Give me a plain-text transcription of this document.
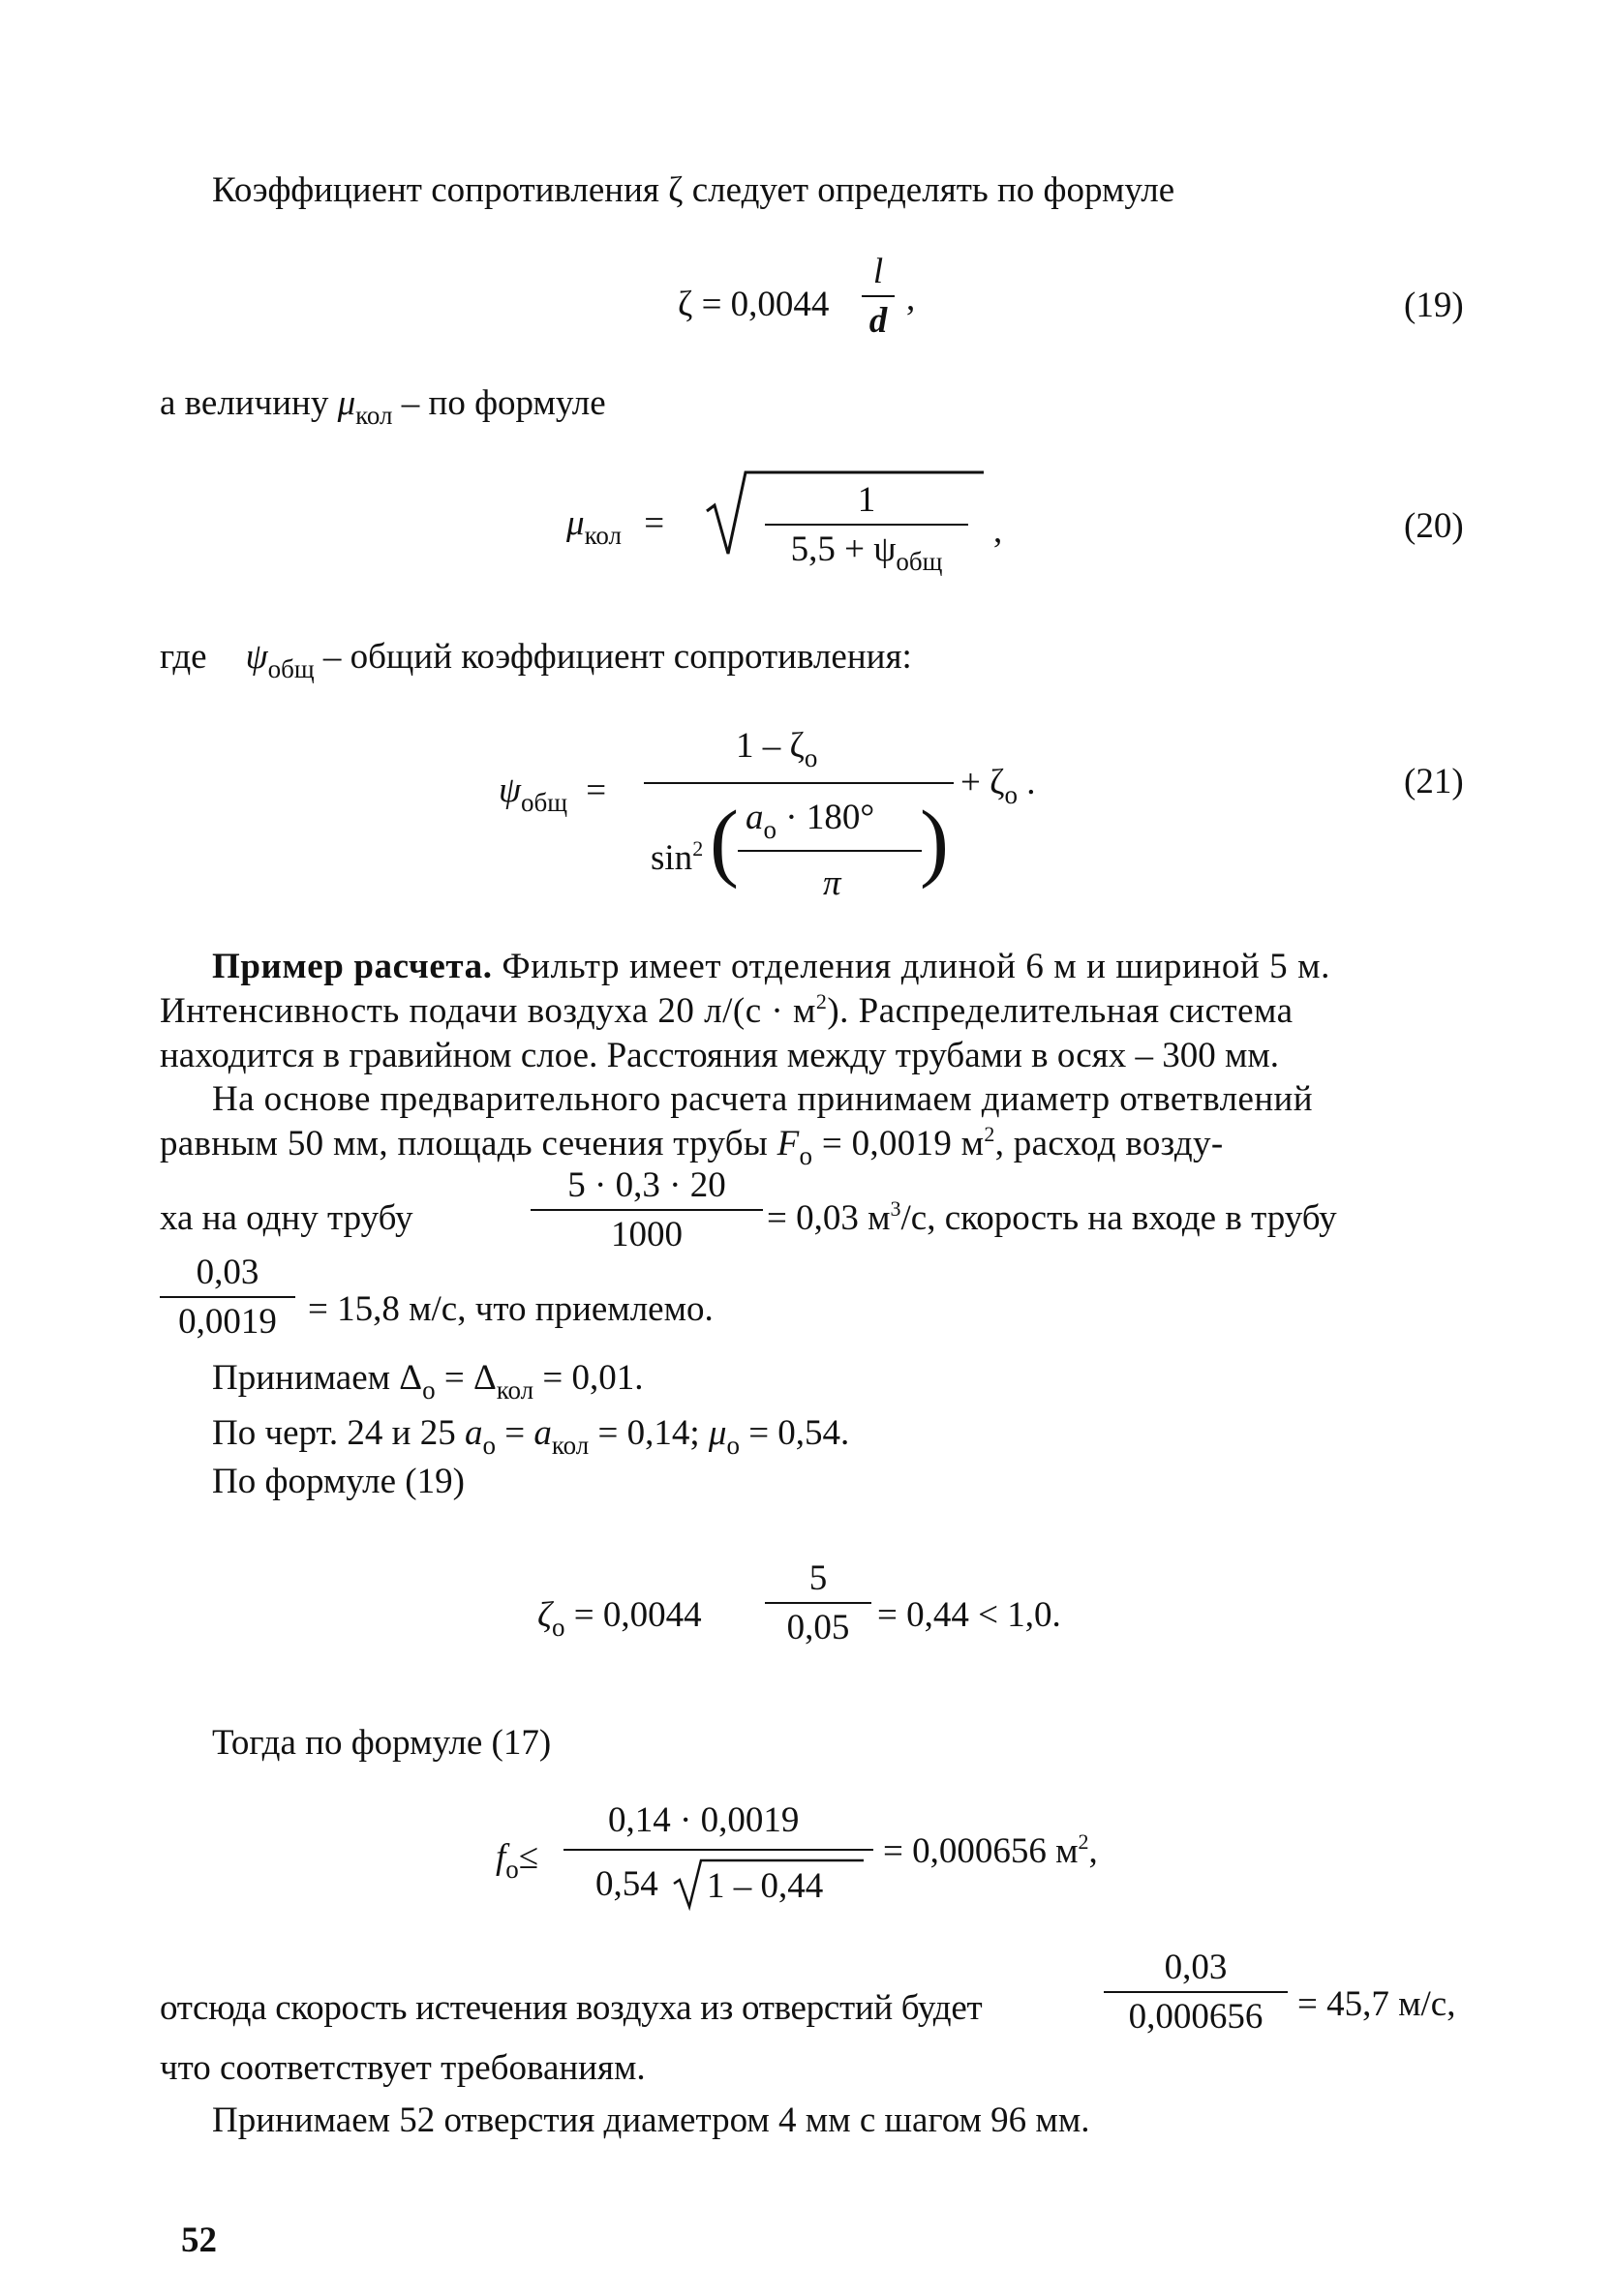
Коэффициент сопротивления ζ следует определять по формуле
ζ = 0,0044
l
d
,	(19)
а величину $\mu_{кол}$ – по формуле
$\mu_{кол}$ =
1
$5,5 + \psi_{общ}$
,	(20)
где $\psi_{общ}$ – общий коэффициент сопротивления:
$\psi_{общ}$ =
$1 - \zeta_о$
$\sin^2$ ( )
$a_о \cdot 180^\circ$
π
+ $\zeta_о$ .	(21)
Пример расчета. Фильтр имеет отделения длиной 6 м и шириной 5 м.
Интенсивность подачи воздуха 20 $л/(с \cdot м^2)$. Распределительная система
находится в гравийном слое. Расстояния между трубами в осях – 300 мм.
На основе предварительного расчета принимаем диаметр ответвлений
равным 50 мм, площадь сечения трубы $F_о = 0,0019$ $м^2$, расход возду-
ха на одну трубу
5 · 0,3 · 20
1000 = 0,03 $м^3/с$, скорость на входе в трубу
0,03
0,0019 = 15,8 м/с, что приемлемо.
Принимаем $\Delta_о = \Delta_{кол} = 0,01$.
По черт. 24 и 25 $a_о = a_{кол} = 0,14$; $\mu_о = 0,54$.
По формуле (19)
$\zeta_о = 0,0044$
5
0,05 = 0,44 < 1,0.
Тогда по формуле (17)
$f_о\le$
0,14 · 0,0019
0,54 1 – 0,44
= 0,000656 $м^2$,
отсюда скорость истечения воздуха из отверстий будет
0,03
0,000656 = 45,7 м/с,
что соответствует требованиям.
Принимаем 52 отверстия диаметром 4 мм с шагом 96 мм.
52
